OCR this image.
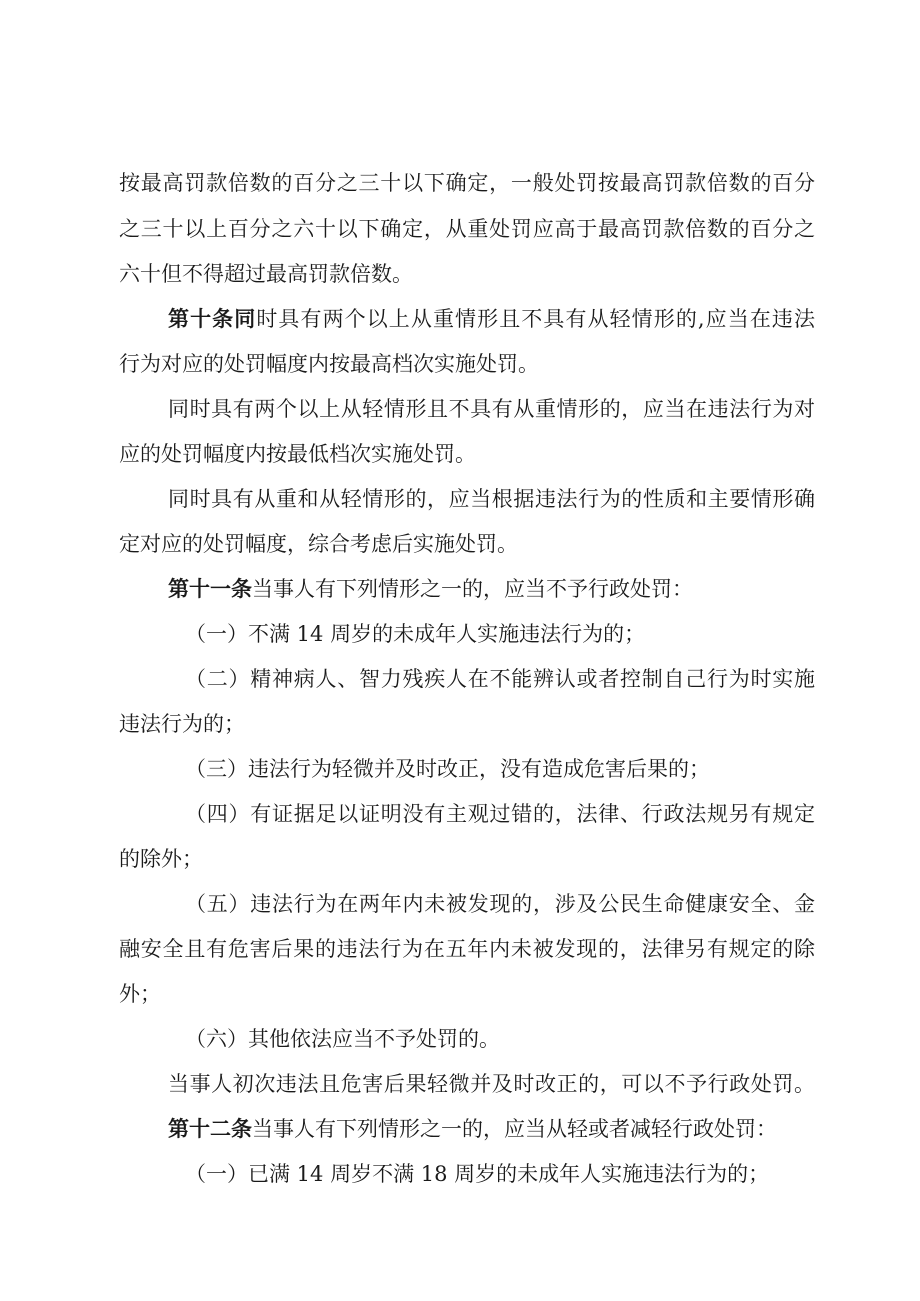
按最高罚款倍数的百分之三十以下确定，一般处罚按最高罚款倍数的百分
之三十以上百分之六十以下确定，从重处罚应高于最高罚款倍数的百分之
六十但不得超过最高罚款倍数。
第十条同时具有两个以上从重情形且不具有从轻情形的,应当在违法
行为对应的处罚幅度内按最高档次实施处罚。
同时具有两个以上从轻情形且不具有从重情形的，应当在违法行为对
应的处罚幅度内按最低档次实施处罚。
同时具有从重和从轻情形的，应当根据违法行为的性质和主要情形确
定对应的处罚幅度，综合考虑后实施处罚。
第十一条当事人有下列情形之一的，应当不予行政处罚：
（一）不满 14 周岁的未成年人实施违法行为的；
（二）精神病人、智力残疾人在不能辨认或者控制自己行为时实施
违法行为的；
（三）违法行为轻微并及时改正，没有造成危害后果的；
（四）有证据足以证明没有主观过错的，法律、行政法规另有规定
的除外；
（五）违法行为在两年内未被发现的，涉及公民生命健康安全、金
融安全且有危害后果的违法行为在五年内未被发现的，法律另有规定的除
外；
（六）其他依法应当不予处罚的。
当事人初次违法且危害后果轻微并及时改正的，可以不予行政处罚。
第十二条当事人有下列情形之一的，应当从轻或者减轻行政处罚：
（一）已满 14 周岁不满 18 周岁的未成年人实施违法行为的；
